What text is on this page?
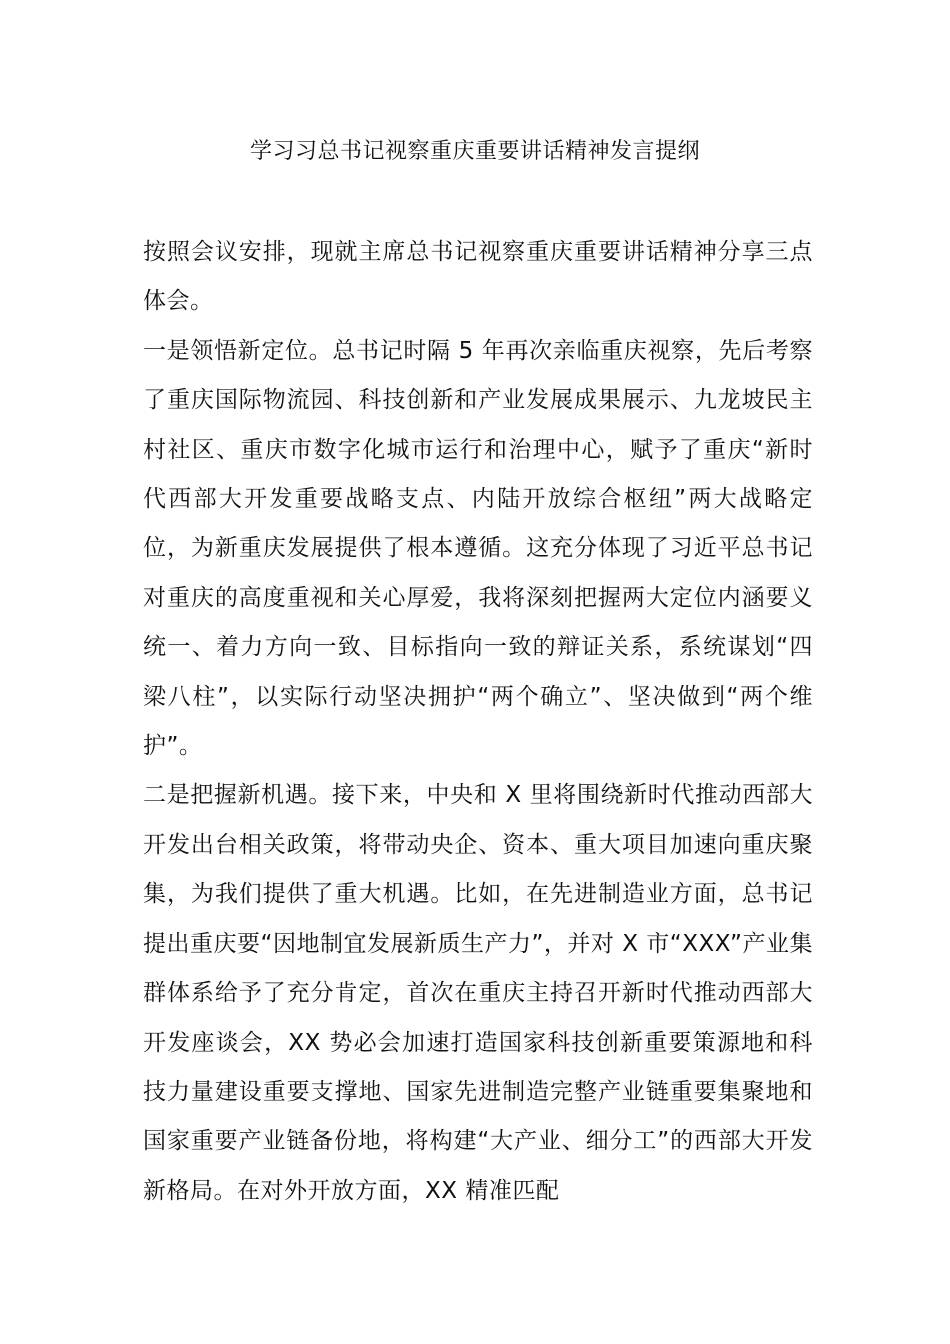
学习习总书记视察重庆重要讲话精神发言提纲

按照会议安排，现就主席总书记视察重庆重要讲话精神分享三点体会。

一是领悟新定位。总书记时隔 5 年再次亲临重庆视察，先后考察了重庆国际物流园、科技创新和产业发展成果展示、九龙坡民主村社区、重庆市数字化城市运行和治理中心，赋予了重庆“新时代西部大开发重要战略支点、内陆开放综合枢纽”两大战略定位，为新重庆发展提供了根本遵循。这充分体现了习近平总书记对重庆的高度重视和关心厚爱，我将深刻把握两大定位内涵要义统一、着力方向一致、目标指向一致的辩证关系，系统谋划“四梁八柱”，以实际行动坚决拥护“两个确立”、坚决做到“两个维护”。

二是把握新机遇。接下来，中央和 X 里将围绕新时代推动西部大开发出台相关政策，将带动央企、资本、重大项目加速向重庆聚集，为我们提供了重大机遇。比如，在先进制造业方面，总书记提出重庆要“因地制宜发展新质生产力”，并对 X 市“XXX”产业集群体系给予了充分肯定，首次在重庆主持召开新时代推动西部大开发座谈会，XX 势必会加速打造国家科技创新重要策源地和科技力量建设重要支撑地、国家先进制造完整产业链重要集聚地和国家重要产业链备份地，将构建“大产业、细分工”的西部大开发新格局。在对外开放方面，XX 精准匹配
